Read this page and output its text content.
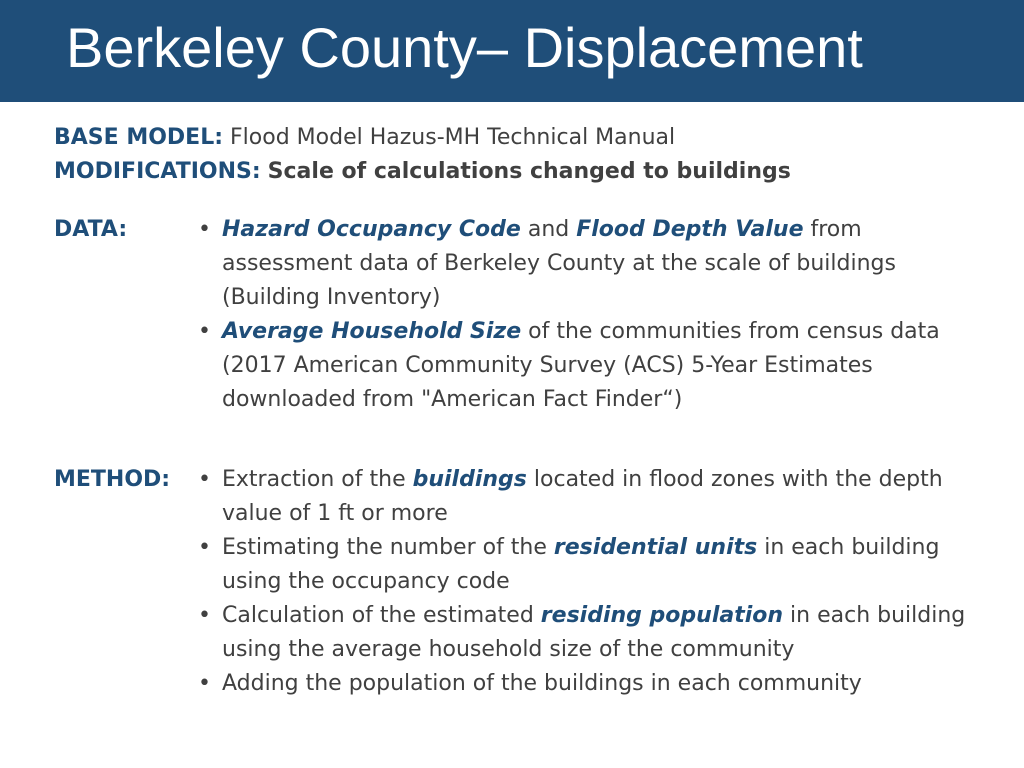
Berkeley County– Displacement
BASE MODEL: Flood Model Hazus-MH Technical Manual
MODIFICATIONS: Scale of calculations changed to buildings
DATA:	• Hazard Occupancy Code and Flood Depth Value from assessment data of Berkeley County at the scale of buildings (Building Inventory)
• Average Household Size of the communities from census data (2017 American Community Survey (ACS) 5-Year Estimates downloaded from "American Fact Finder“)
METHOD: • Extraction of the buildings located in flood zones with the depth value of 1 ft or more
• Estimating the number of the residential units in each building using the occupancy code
• Calculation of the estimated residing population in each building using the average household size of the community
• Adding the population of the buildings in each community
